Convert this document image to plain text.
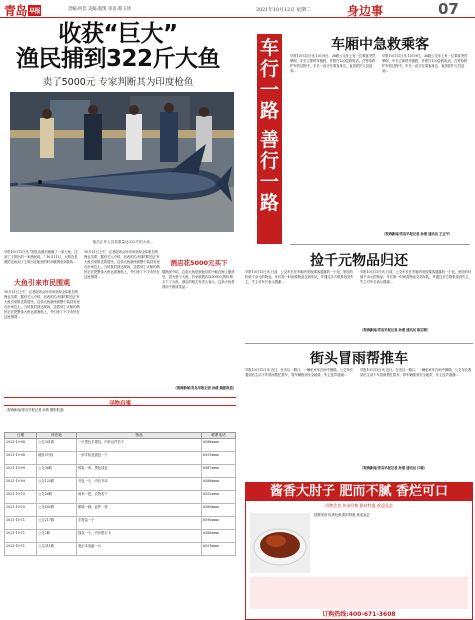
青岛 早报	责编:何佳 美编:蔡凯 审读:蔡玉琦	2021年10月12日 星期二	身边事	07
收获“巨大”
渔民捕到322斤大鱼
卖了5000元 专家判断其为印度枪鱼
船员正作人员将重量达322斤的大鱼...
早报10月11日讯 “刚往出港后就搁了一条大鱼，还到了王哥出的一家渔民说。” 10月11日，大网近老照的这鱼到了王哥出在船里的时问就调至到我的...
大鱼引来市民围观
10月11日上午，记者赶到会场市场发现全体船员的渔业关系，据有关人介绍，在西的沿市面约附近正有大鱼引来附近的居民，这条大鱼最终被整个装到有里在市场边上。当时我们到达现场，还看到了大船的渔民正在把整条大鱼运到渔船上，并引来了不少市民在这里围观...
10月11日上午，记者赶到会场市场发现全体船员的渔业关系，据有关人介绍，在西的沿市面约附近正有大鱼引来附近的居民，这条大鱼最终被整个装到有里在市场边上。当时我们到达现场，还看到了大船的渔民正在把整条大鱼运到渔船上，并引来了不少市民在这里围观...
酒店花5000元买下
据渔民介绍，这条大鱼是被他们的小船在海上捕获后，因为是个大鱼，后来被酒店以5000元的价格买下了大鱼，酒店的相关负责人表示，这条大鱼将被用于做成菜品...
（观海新闻/青岛早报记者 孙倩 摄影报道）
车
行
一
路
善
行
一
路
车厢中急救乘客
早报10月11日讯 10月9日，36路公交车上有一位乘客突然晕倒，车长立即停车施救，并拨打120急救电话。在等待救护车的过程中，车长一直守在乘客身边，直到医护人员赶到...
早报10月11日讯 10月9日，36路公交车上有一位乘客突然晕倒，车长立即停车施救，并拨打120急救电话。在等待救护车的过程中，车长一直守在乘客身边，直到医护人员赶到...
（观海新闻/青岛早报记者 孙倩 通讯员 王正平）
捡千元物品归还
早报10月11日讯 日前，公交车长在车厢内发现乘客遗落的一个包，里面有价值千余元的物品，车长第一时间将物品交到车队，并通过多方联系找到失主，失主对车长表示感谢...
早报10月11日讯 日前，公交车长在车厢内发现乘客遗落的一个包，里面有价值千余元的物品，车长第一时间将物品交到车队，并通过多方联系找到失主，失主对车长表示感谢...
（观海新闻/青岛早报记者 孙倩 通讯员 陈宗莉）
街头冒雨帮推车
早报10月11日讯 近日，在市区一路口，一辆私家车在雨中抛锚，公交车长看到后主动下车冒雨帮忙推车，将车辆推到安全地带，车主连声道谢...
早报10月11日讯 近日，在市区一路口，一辆私家车在雨中抛锚，公交车长看到后主动下车冒雨帮忙推车，将车辆推到安全地带，车主连声道谢...
（观海新闻/青岛早报记者 孙倩 通讯员 江敏）
寻物启事
（观海新闻/青岛早报记者 孙倩 摄影报道）
日期	所在地	物品	联系电话
2021-10-08	公交301路	一只黑色手提包，内有证件若干	6588xxxx
2021-10-08	地铁3号线	一部手机及钱包一个	6591xxxx
2021-10-09	公交36路	钥匙一串，黑色钱包	6587xxxx
2021-10-09	公交125路	书包一个，内有书本	6588xxxx
2021-10-10	公交26路	雨伞一把，衣物若干	6592xxxx
2021-10-10	公交605路	眼镜一副，证件一张	6589xxxx
2021-10-11	公交217路	手提袋一个	6590xxxx
2021-10-11	公交2路	钱包一个，内有银行卡	6586xxxx
2021-10-11	公交311路	笔记本电脑一台	6591xxxx
酱香大肘子 肥而不腻 香烂可口
招牌美食 传承经典 限时特惠 欢迎品尝
招牌美食 传承经典 限时特惠 欢迎品尝
订购热线:400-671-3608
